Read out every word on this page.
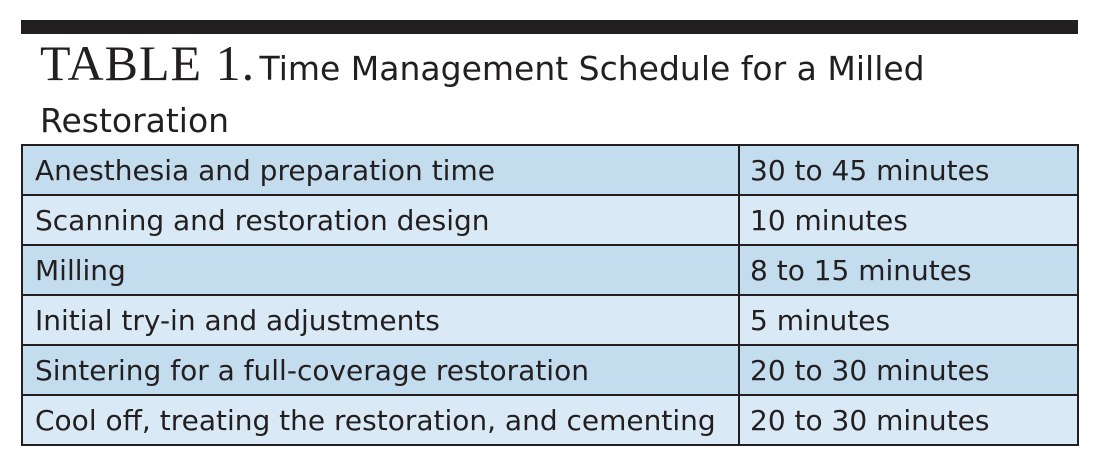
TABLE 1. Time Management Schedule for a Milled
Restoration
Anesthesia and preparation time	30 to 45 minutes
Scanning and restoration design	10 minutes
Milling	8 to 15 minutes
Initial try-in and adjustments	5 minutes
Sintering for a full-coverage restoration	20 to 30 minutes
Cool off, treating the restoration, and cementing	20 to 30 minutes
